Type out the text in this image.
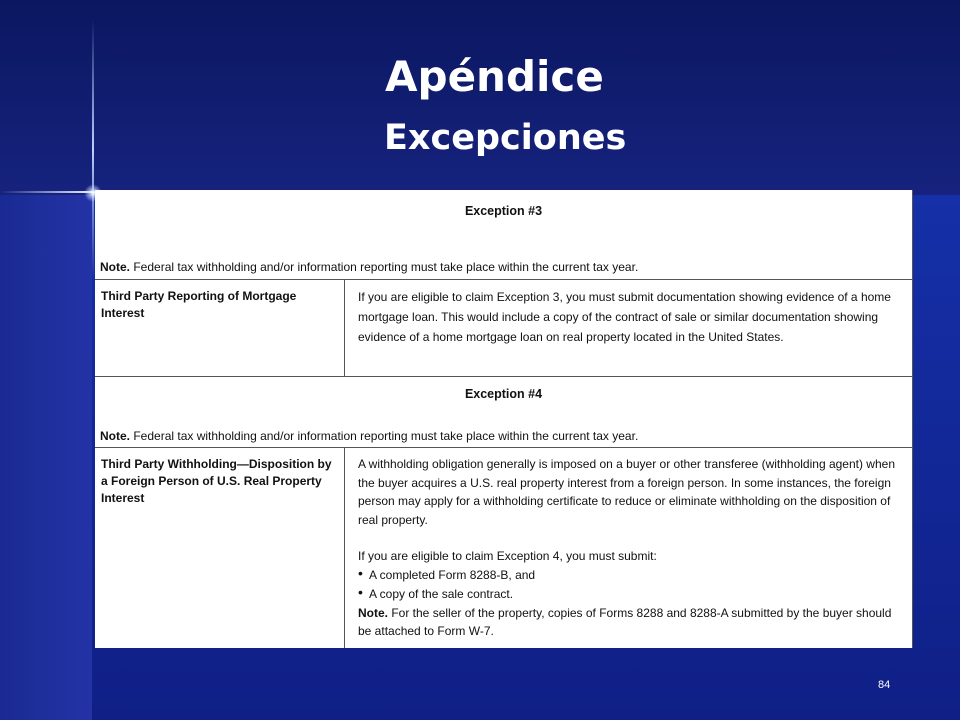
Apéndice
Excepciones
Exception #3
Note. Federal tax withholding and/or information reporting must take place within the current tax year.
Third Party Reporting of Mortgage Interest

If you are eligible to claim Exception 3, you must submit documentation showing evidence of a home mortgage loan. This would include a copy of the contract of sale or similar documentation showing evidence of a home mortgage loan on real property located in the United States.

Exception #4
Note. Federal tax withholding and/or information reporting must take place within the current tax year.
Third Party Withholding—Disposition by a Foreign Person of U.S. Real Property Interest

A withholding obligation generally is imposed on a buyer or other transferee (withholding agent) when the buyer acquires a U.S. real property interest from a foreign person. In some instances, the foreign person may apply for a withholding certificate to reduce or eliminate withholding on the disposition of real property.

If you are eligible to claim Exception 4, you must submit:

• A completed Form 8288-B, and
• A copy of the sale contract.

Note. For the seller of the property, copies of Forms 8288 and 8288-A submitted by the buyer should be attached to Form W-7.

84
